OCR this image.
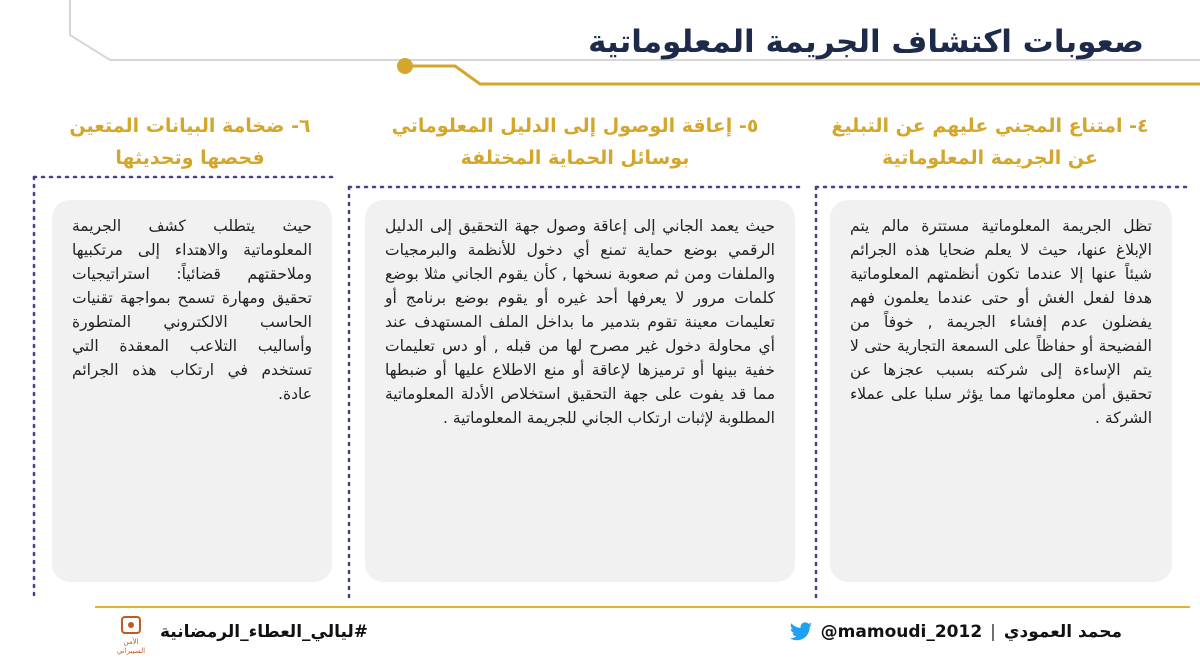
صعوبات اكتشاف الجريمة المعلوماتية
٤- امتناع المجني عليهم عن التبليغ
عن الجريمة المعلوماتية
تظل الجريمة المعلوماتية مستترة مالم يتم الإبلاغ عنها، حيث لا يعلم ضحايا هذه الجرائم شيئاً عنها إلا عندما تكون أنظمتهم المعلوماتية هدفا لفعل الغش أو حتى عندما يعلمون فهم يفضلون عدم إفشاء الجريمة , خوفاً من الفضيحة أو حفاظاً على السمعة التجارية حتى لا يتم الإساءة إلى شركته بسبب عجزها عن تحقيق أمن معلوماتها مما يؤثر سلبا على عملاء الشركة .
٥- إعاقة الوصول إلى الدليل المعلوماتي
بوسائل الحماية المختلفة
حيث يعمد الجاني إلى إعاقة وصول جهة التحقيق إلى الدليل الرقمي بوضع حماية تمنع أي دخول للأنظمة والبرمجيات والملفات ومن ثم صعوبة نسخها , كأن يقوم الجاني مثلا بوضع كلمات مرور لا يعرفها أحد غيره أو يقوم بوضع برنامج أو تعليمات معينة تقوم بتدمير ما بداخل الملف المستهدف عند أي محاولة دخول غير مصرح لها من قبله , أو دس تعليمات خفية بينها أو ترميزها لإعاقة أو منع الاطلاع عليها أو ضبطها مما قد يفوت على جهة التحقيق استخلاص الأدلة المعلوماتية المطلوبة لإثبات ارتكاب الجاني للجريمة المعلوماتية .
٦- ضخامة البيانات المتعين
فحصها وتحديثها
حيث يتطلب كشف الجريمة المعلوماتية والاهتداء إلى مرتكبيها وملاحقتهم قضائياً: استراتيجيات تحقيق ومهارة تسمح بمواجهة تقنيات الحاسب الالكتروني المتطورة وأساليب التلاعب المعقدة التي تستخدم في ارتكاب هذه الجرائم عادة.
الأمن السيبراني
#ليالي_العطاء_الرمضانية	@mamoudi_2012 | محمد العمودي
